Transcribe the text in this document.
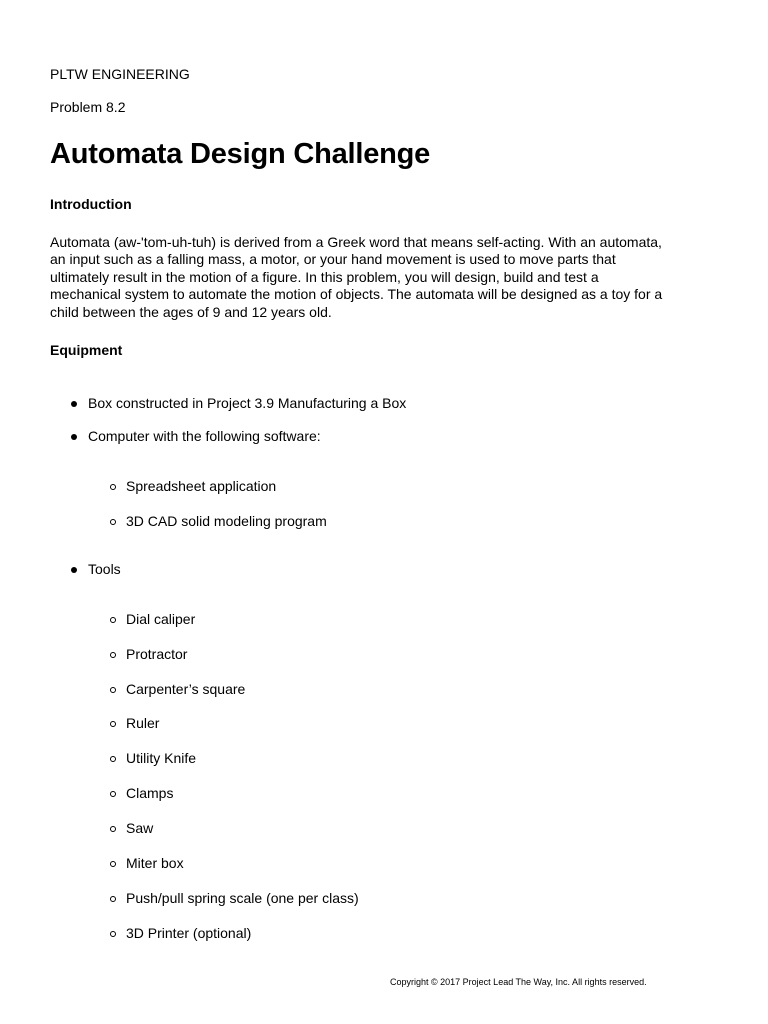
PLTW ENGINEERING
Problem 8.2
Automata Design Challenge
Introduction
Automata (aw-'tom-uh-tuh) is derived from a Greek word that means self-acting. With an automata,
an input such as a falling mass, a motor, or your hand movement is used to move parts that
ultimately result in the motion of a figure. In this problem, you will design, build and test a
mechanical system to automate the motion of objects. The automata will be designed as a toy for a
child between the ages of 9 and 12 years old.
Equipment
Box constructed in Project 3.9 Manufacturing a Box
Computer with the following software:
Spreadsheet application
3D CAD solid modeling program
Tools
Dial caliper
Protractor
Carpenter’s square
Ruler
Utility Knife
Clamps
Saw
Miter box
Push/pull spring scale (one per class)
3D Printer (optional)
Copyright © 2017 Project Lead The Way, Inc. All rights reserved.
